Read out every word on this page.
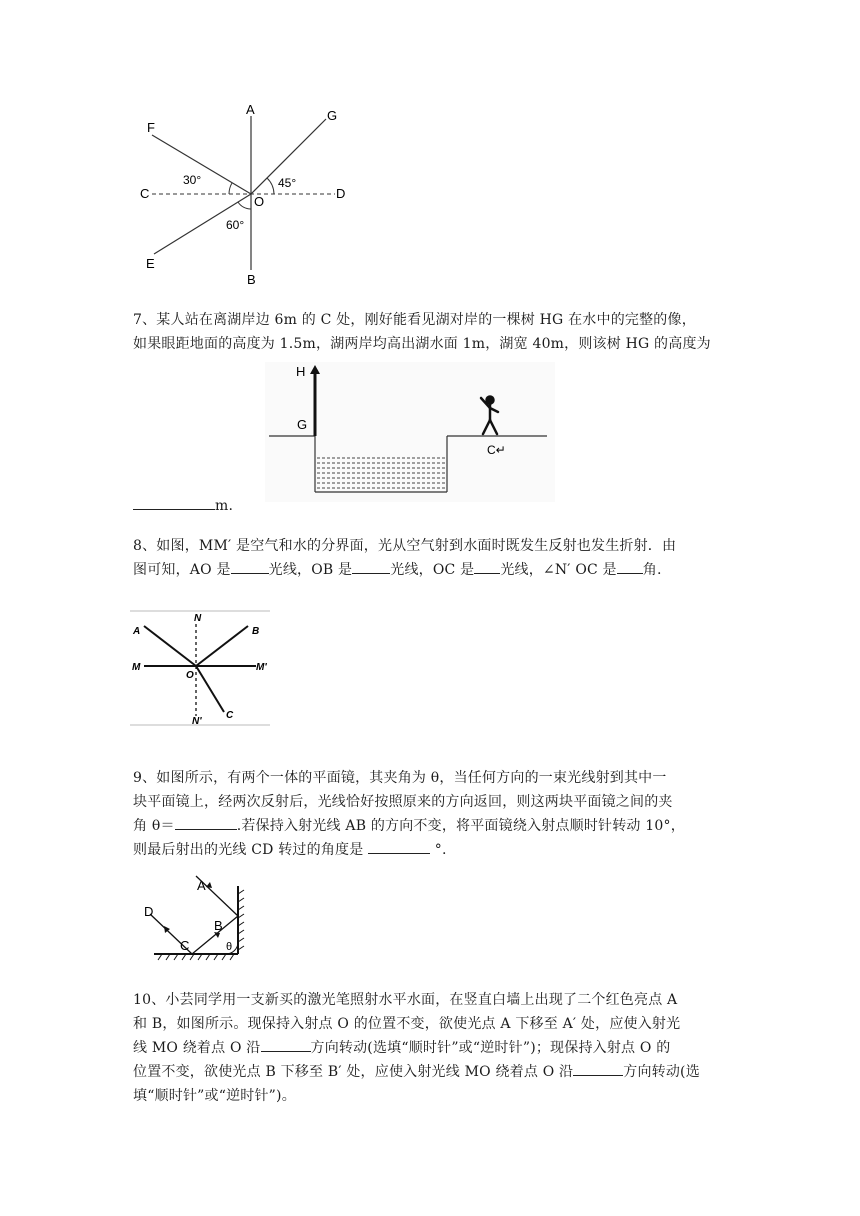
A	G
F
C	D
O
E
B
30°	45°
60°
7、某人站在离湖岸边 6m 的 C 处，刚好能看见湖对岸的一棵树 HG 在水中的完整的像，
如果眼距地面的高度为 1.5m，湖两岸均高出湖水面 1m，湖宽 40m，则该树 HG 的高度为
H
G
C↵
m.
8、如图，MM′ 是空气和水的分界面，光从空气射到水面时既发生反射也发生折射．由
图可知，AO 是	光线，OB 是	光线，OC 是 光线，∠N′ OC 是 角.
A
N
B
M	M'
O
N'
C
9、如图所示，有两个一体的平面镜，其夹角为 θ，当任何方向的一束光线射到其中一
块平面镜上，经两次反射后，光线恰好按照原来的方向返回，则这两块平面镜之间的夹
角 θ＝	.若保持入射光线 AB 的方向不变，将平面镜绕入射点顺时针转动 10°，
则最后射出的光线 CD 转过的角度是	°.
A
B
C
D
θ
10、小芸同学用一支新买的激光笔照射水平水面，在竖直白墙上出现了二个红色亮点 A
和 B，如图所示。现保持入射点 O 的位置不变，欲使光点 A 下移至 A′ 处，应使入射光
线 MO 绕着点 O 沿	方向转动(选填“顺时针”或“逆时针”)；现保持入射点 O 的
位置不变，欲使光点 B 下移至 B′ 处，应使入射光线 MO 绕着点 O 沿	方向转动(选
填“顺时针”或“逆时针”)。
